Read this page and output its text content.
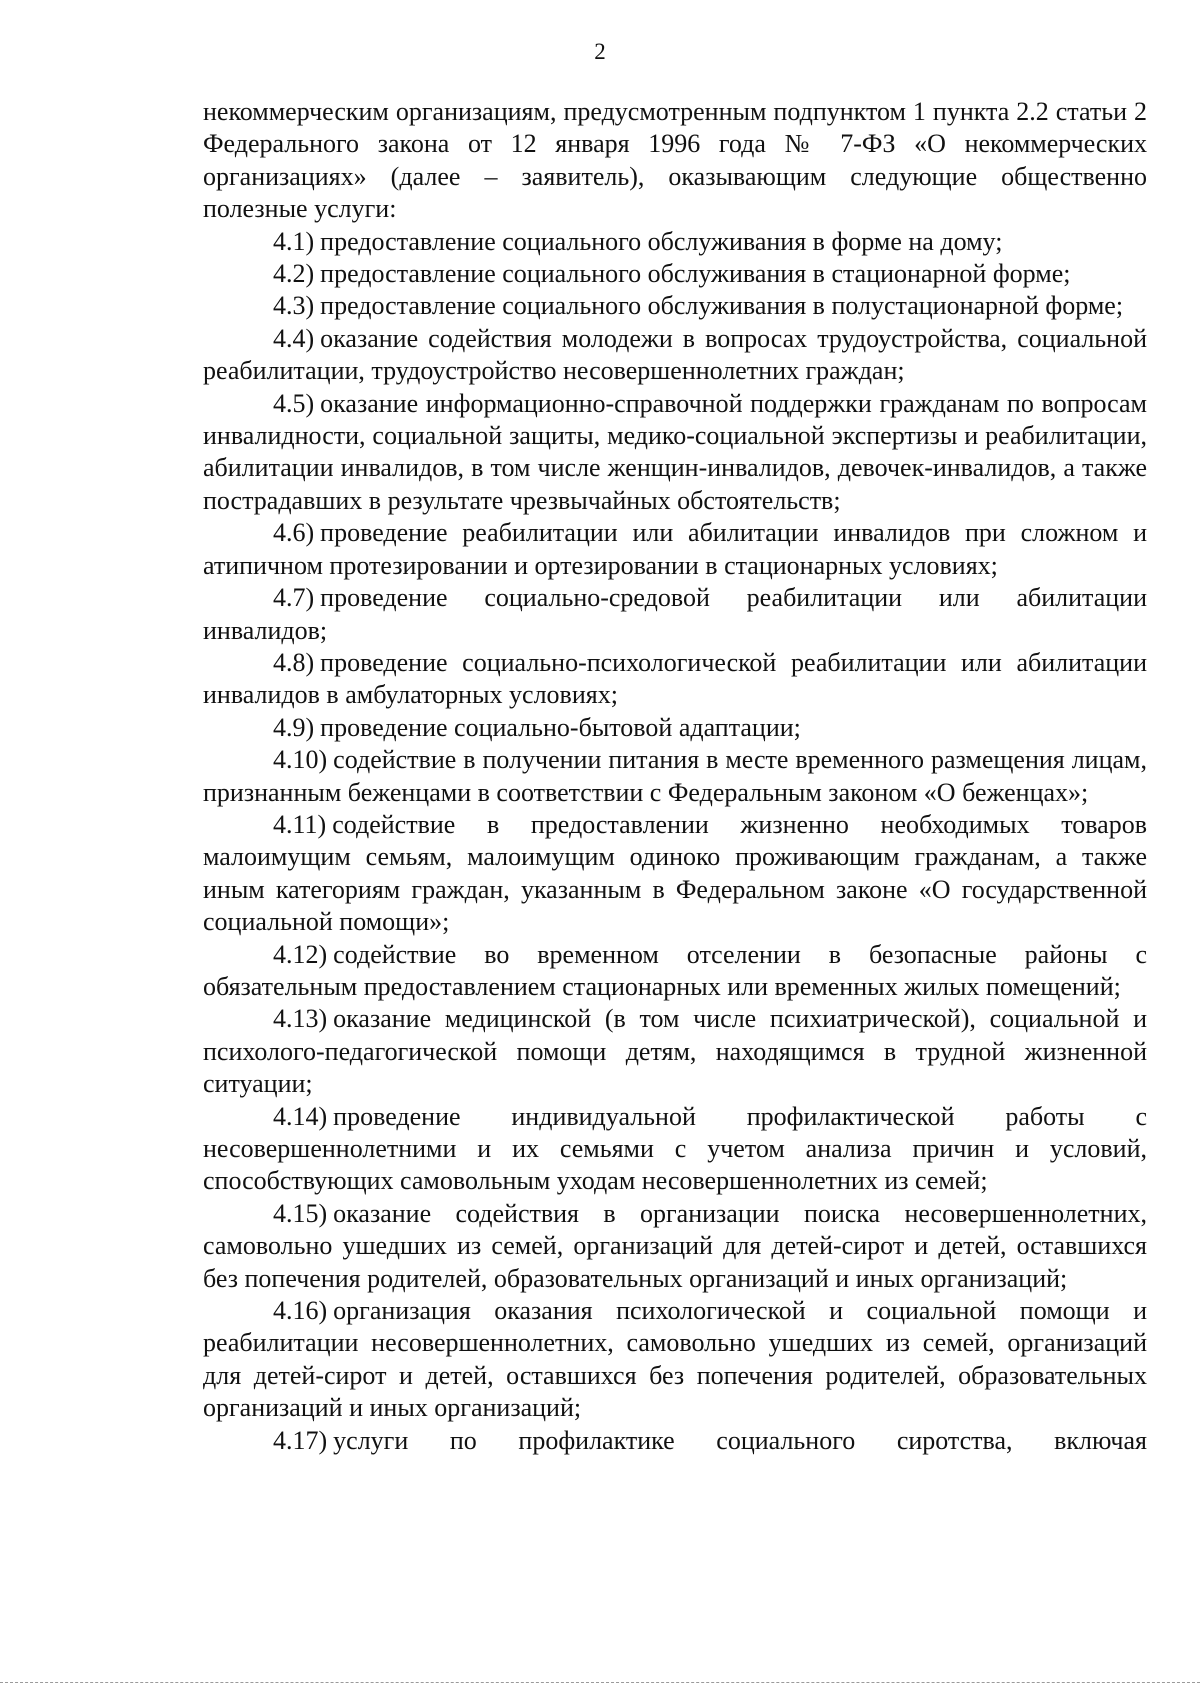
2

некоммерческим организациям, предусмотренным подпунктом 1 пункта 2.2 статьи 2 Федерального закона от 12 января 1996 года № 7-ФЗ «О некоммерческих организациях» (далее – заявитель), оказывающим следующие общественно полезные услуги:

4.1) предоставление социального обслуживания в форме на дому;

4.2) предоставление социального обслуживания в стационарной форме;

4.3) предоставление социального обслуживания в полустационарной форме;

4.4) оказание содействия молодежи в вопросах трудоустройства, социальной реабилитации, трудоустройство несовершеннолетних граждан;

4.5) оказание информационно-справочной поддержки гражданам по вопросам инвалидности, социальной защиты, медико-социальной экспертизы и реабилитации, абилитации инвалидов, в том числе женщин-инвалидов, девочек-инвалидов, а также пострадавших в результате чрезвычайных обстоятельств;

4.6) проведение реабилитации или абилитации инвалидов при сложном и атипичном протезировании и ортезировании в стационарных условиях;

4.7) проведение социально-средовой реабилитации или абилитации инвалидов;

4.8) проведение социально-психологической реабилитации или абилитации инвалидов в амбулаторных условиях;

4.9) проведение социально-бытовой адаптации;

4.10) содействие в получении питания в месте временного размещения лицам, признанным беженцами в соответствии с Федеральным законом «О беженцах»;

4.11) содействие в предоставлении жизненно необходимых товаров малоимущим семьям, малоимущим одиноко проживающим гражданам, а также иным категориям граждан, указанным в Федеральном законе «О государственной социальной помощи»;

4.12) содействие во временном отселении в безопасные районы с обязательным предоставлением стационарных или временных жилых помещений;

4.13) оказание медицинской (в том числе психиатрической), социальной и психолого-педагогической помощи детям, находящимся в трудной жизненной ситуации;

4.14) проведение индивидуальной профилактической работы с несовершеннолетними и их семьями с учетом анализа причин и условий, способствующих самовольным уходам несовершеннолетних из семей;

4.15) оказание содействия в организации поиска несовершеннолетних, самовольно ушедших из семей, организаций для детей-сирот и детей, оставшихся без попечения родителей, образовательных организаций и иных организаций;

4.16) организация оказания психологической и социальной помощи и реабилитации несовершеннолетних, самовольно ушедших из семей, организаций для детей-сирот и детей, оставшихся без попечения родителей, образовательных организаций и иных организаций;

4.17) услуги по профилактике социального сиротства, включая
